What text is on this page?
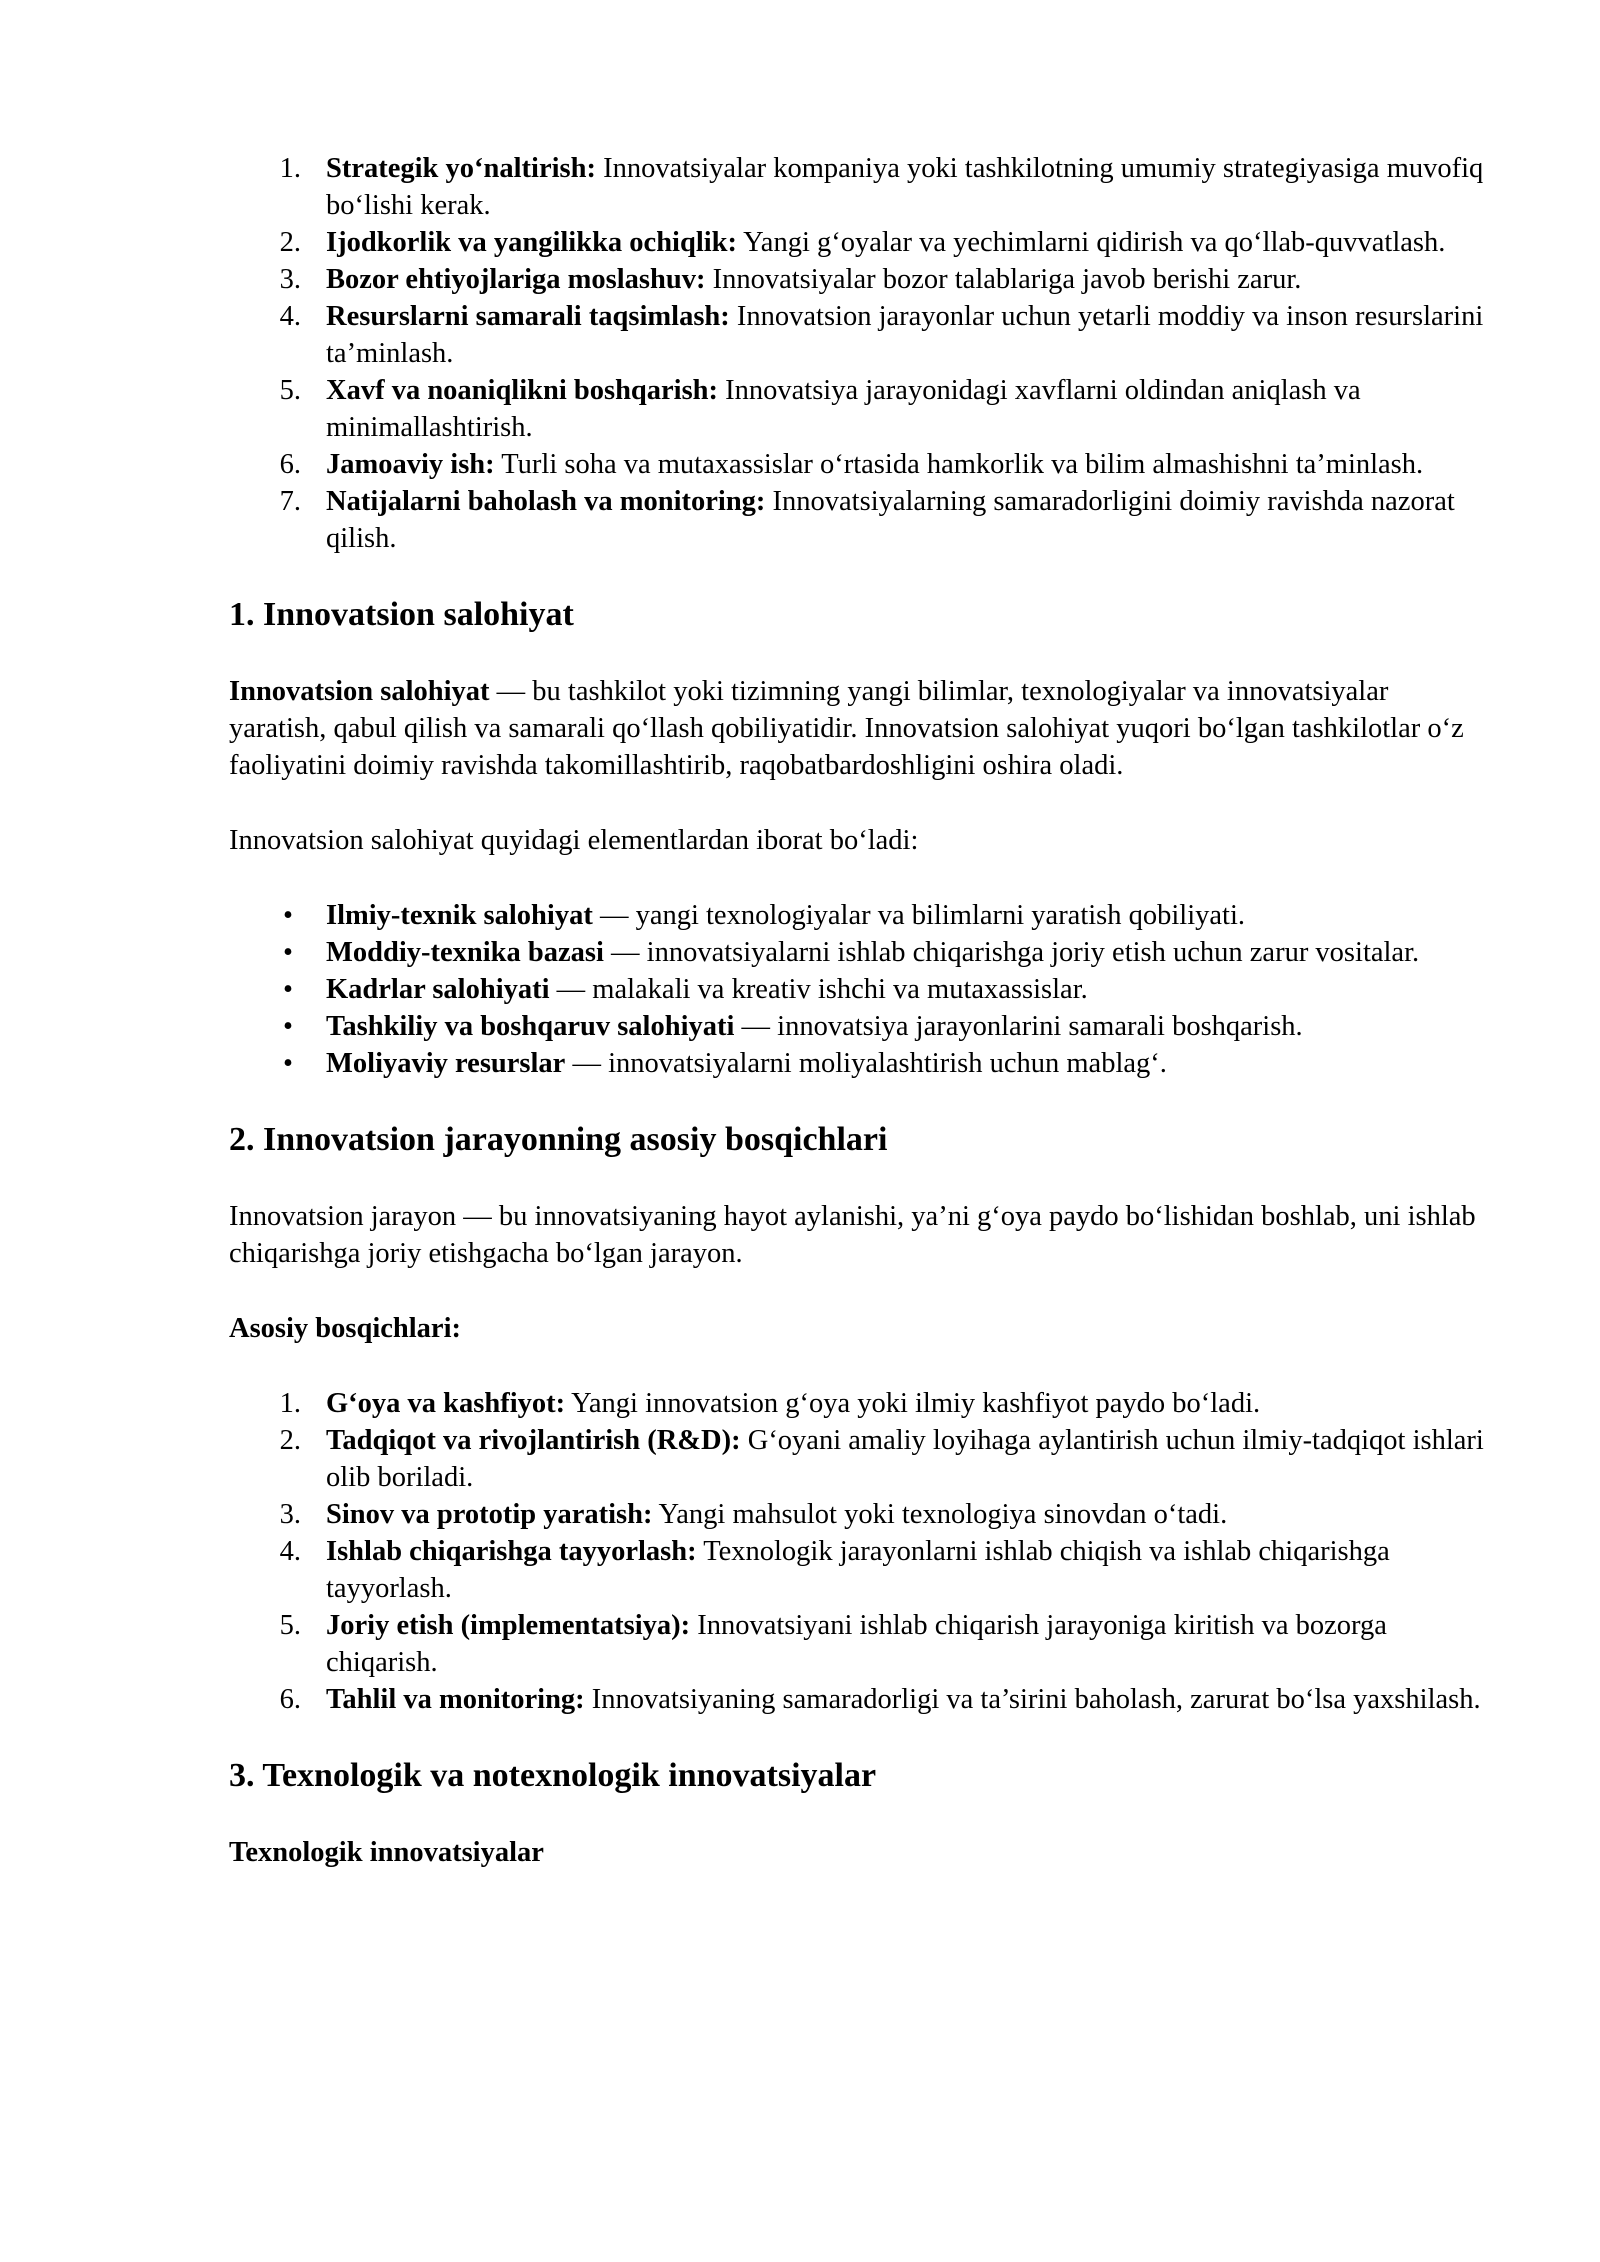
1. Strategik yo‘naltirish: Innovatsiyalar kompaniya yoki tashkilotning umumiy strategiyasiga muvofiq bo‘lishi kerak.
2. Ijodkorlik va yangilikka ochiqlik: Yangi g‘oyalar va yechimlarni qidirish va qo‘llab-quvvatlash.
3. Bozor ehtiyojlariga moslashuv: Innovatsiyalar bozor talablariga javob berishi zarur.
4. Resurslarni samarali taqsimlash: Innovatsion jarayonlar uchun yetarli moddiy va inson resurslarini ta’minlash.
5. Xavf va noaniqlikni boshqarish: Innovatsiya jarayonidagi xavflarni oldindan aniqlash va minimallashtirish.
6. Jamoaviy ish: Turli soha va mutaxassislar o‘rtasida hamkorlik va bilim almashishni ta’minlash.
7. Natijalarni baholash va monitoring: Innovatsiyalarning samaradorligini doimiy ravishda nazorat qilish.
1. Innovatsion salohiyat

Innovatsion salohiyat — bu tashkilot yoki tizimning yangi bilimlar, texnologiyalar va innovatsiyalar yaratish, qabul qilish va samarali qo‘llash qobiliyatidir. Innovatsion salohiyat yuqori bo‘lgan tashkilotlar o‘z faoliyatini doimiy ravishda takomillashtirib, raqobatbardoshligini oshira oladi.

Innovatsion salohiyat quyidagi elementlardan iborat bo‘ladi:

• Ilmiy-texnik salohiyat — yangi texnologiyalar va bilimlarni yaratish qobiliyati.
• Moddiy-texnika bazasi — innovatsiyalarni ishlab chiqarishga joriy etish uchun zarur vositalar.
• Kadrlar salohiyati — malakali va kreativ ishchi va mutaxassislar.
• Tashkiliy va boshqaruv salohiyati — innovatsiya jarayonlarini samarali boshqarish.
• Moliyaviy resurslar — innovatsiyalarni moliyalashtirish uchun mablag‘.
2. Innovatsion jarayonning asosiy bosqichlari

Innovatsion jarayon — bu innovatsiyaning hayot aylanishi, ya’ni g‘oya paydo bo‘lishidan boshlab, uni ishlab chiqarishga joriy etishgacha bo‘lgan jarayon.

Asosiy bosqichlari:

1. G‘oya va kashfiyot: Yangi innovatsion g‘oya yoki ilmiy kashfiyot paydo bo‘ladi.
2. Tadqiqot va rivojlantirish (R&D): G‘oyani amaliy loyihaga aylantirish uchun ilmiy-tadqiqot ishlari olib boriladi.
3. Sinov va prototip yaratish: Yangi mahsulot yoki texnologiya sinovdan o‘tadi.
4. Ishlab chiqarishga tayyorlash: Texnologik jarayonlarni ishlab chiqish va ishlab chiqarishga tayyorlash.
5. Joriy etish (implementatsiya): Innovatsiyani ishlab chiqarish jarayoniga kiritish va bozorga chiqarish.
6. Tahlil va monitoring: Innovatsiyaning samaradorligi va ta’sirini baholash, zarurat bo‘lsa yaxshilash.
3. Texnologik va notexnologik innovatsiyalar

Texnologik innovatsiyalar
